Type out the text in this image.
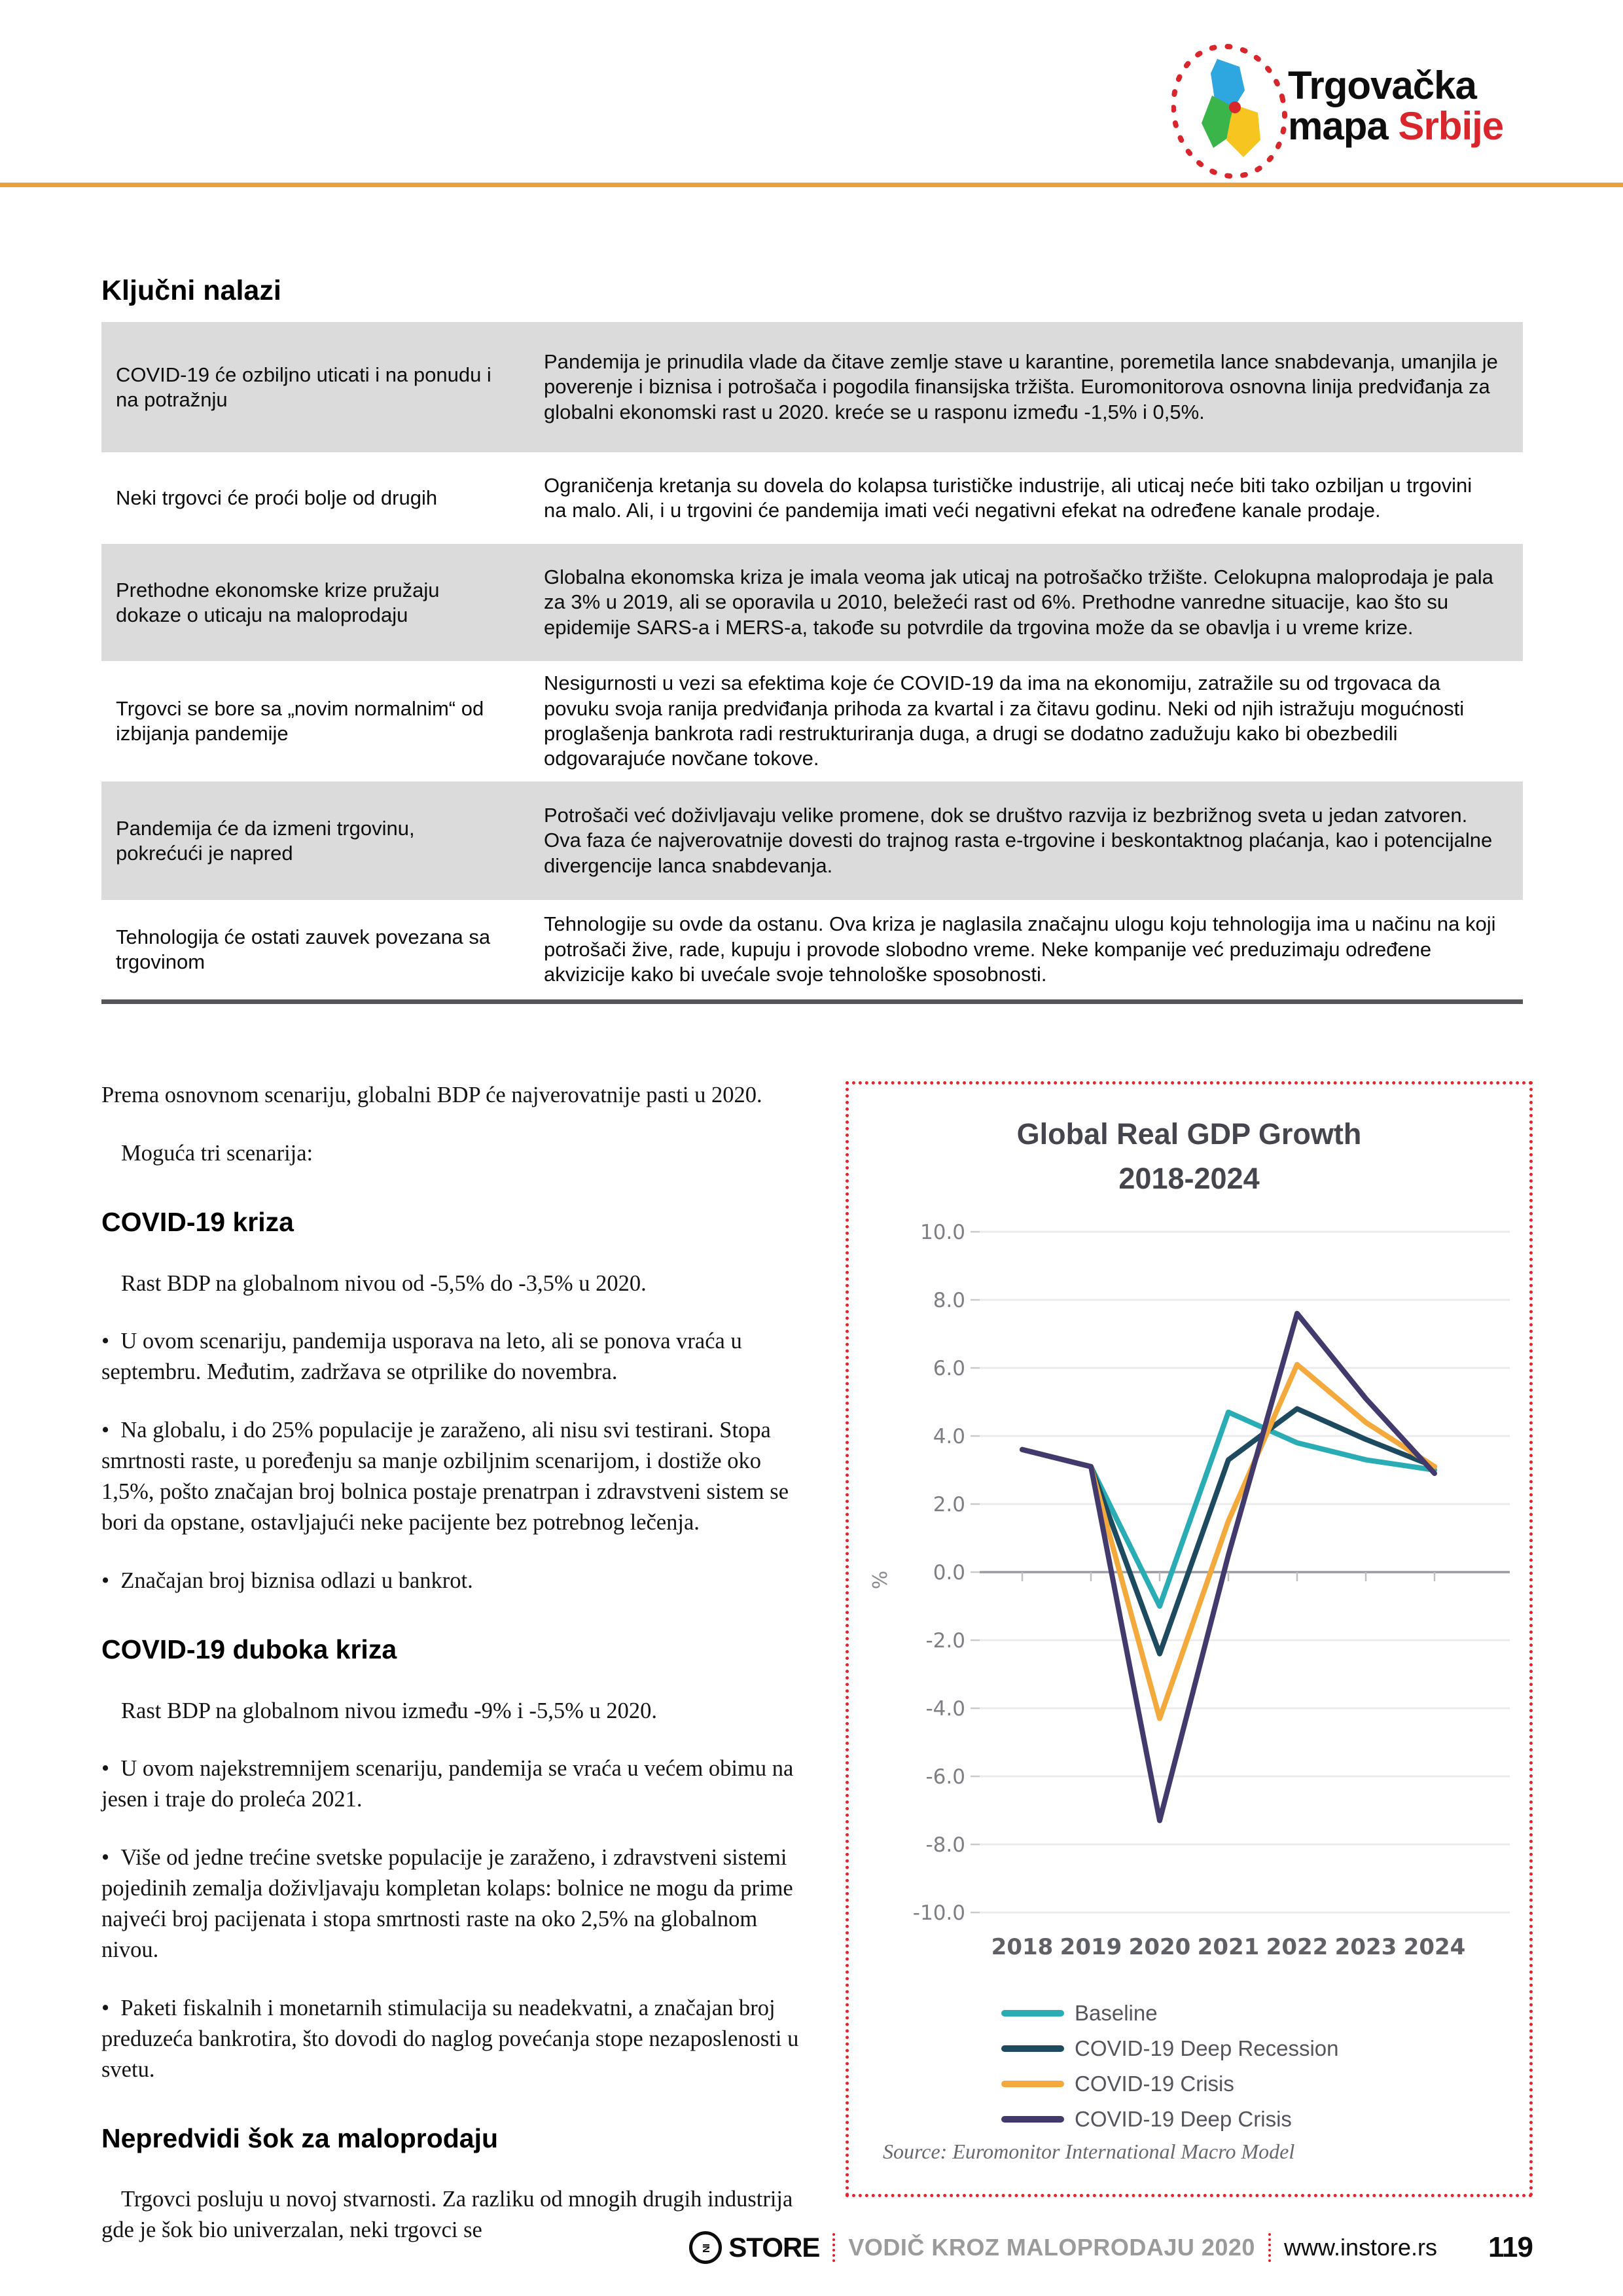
Trgovačka
mapa Srbije
Ključni nalazi
COVID-19 će ozbiljno uticati i na ponudu i na potražnju
Pandemija je prinudila vlade da čitave zemlje stave u karantine, poremetila lance snabdevanja, umanjila je poverenje i biznisa i potrošača i pogodila finansijska tržišta. Euromonitorova osnovna linija predviđanja za globalni ekonomski rast u 2020. kreće se u rasponu između -1,5% i 0,5%.
Neki trgovci će proći bolje od drugih
Ograničenja kretanja su dovela do kolapsa turističke industrije, ali uticaj neće biti tako ozbiljan u trgovini na malo. Ali, i u trgovini će pandemija imati veći negativni efekat na određene kanale prodaje.
Prethodne ekonomske krize pružaju dokaze o uticaju na maloprodaju
Globalna ekonomska kriza je imala veoma jak uticaj na potrošačko tržište. Celokupna maloprodaja je pala za 3% u 2019, ali se oporavila u 2010, beležeći rast od 6%. Prethodne vanredne situacije, kao što su epidemije SARS-a i MERS-a, takođe su potvrdile da trgovina može da se obavlja i u vreme krize.
Trgovci se bore sa „novim normalnim“ od izbijanja pandemije
Nesigurnosti u vezi sa efektima koje će COVID-19 da ima na ekonomiju, zatražile su od trgovaca da povuku svoja ranija predviđanja prihoda za kvartal i za čitavu godinu. Neki od njih istražuju mogućnosti proglašenja bankrota radi restrukturiranja duga, a drugi se dodatno zadužuju kako bi obezbedili odgovarajuće novčane tokove.
Pandemija će da izmeni trgovinu, pokrećući je napred
Potrošači već doživljavaju velike promene, dok se društvo razvija iz bezbrižnog sveta u jedan zatvoren. Ova faza će najverovatnije dovesti do trajnog rasta e-trgovine i beskontaktnog plaćanja, kao i potencijalne divergencije lanca snabdevanja.
Tehnologija će ostati zauvek povezana sa trgovinom
Tehnologije su ovde da ostanu. Ova kriza je naglasila značajnu ulogu koju tehnologija ima u načinu na koji potrošači žive, rade, kupuju i provode slobodno vreme. Neke kompanije već preduzimaju određene akvizicije kako bi uvećale svoje tehnološke sposobnosti.
Prema osnovnom scenariju, globalni BDP će najverovatnije pasti u 2020.
Moguća tri scenarija:
COVID-19 kriza
Rast BDP na globalnom nivou od -5,5% do -3,5% u 2020.
•  U ovom scenariju, pandemija usporava na leto, ali se ponova vraća u septembru. Međutim, zadržava se otprilike do novembra.
•  Na globalu, i do 25% populacije je zaraženo, ali nisu svi testirani. Stopa smrtnosti raste, u poređenju sa manje ozbiljnim scenarijom, i dostiže oko 1,5%, pošto značajan broj bolnica postaje prenatrpan i zdravstveni sistem se bori da opstane, ostavljajući neke pacijente bez potrebnog lečenja.
•  Značajan broj biznisa odlazi u bankrot.
COVID-19 duboka kriza
Rast BDP na globalnom nivou između -9% i -5,5% u 2020.
•  U ovom najekstremnijem scenariju, pandemija se vraća u većem obimu na jesen i traje do proleća 2021.
•  Više od jedne trećine svetske populacije je zaraženo, i zdravstveni sistemi pojedinih zemalja doživljavaju kompletan kolaps: bolnice ne mogu da prime najveći broj pacijenata i stopa smrtnosti raste na oko 2,5% na globalnom nivou.
•  Paketi fiskalnih i monetarnih stimulacija su neadekvatni, a značajan broj preduzeća bankrotira, što dovodi do naglog povećanja stope nezaposlenosti u svetu.
Nepredvidi šok za maloprodaju
Trgovci posluju u novoj stvarnosti. Za razliku od mnogih drugih industrija gde je šok bio univerzalan, neki trgovci se
Global Real GDP Growth
2018-2024
-10.0
-8.0
-6.0
-4.0
-2.0
0.0
2.0
4.0
6.0
8.0
10.0
2018 2019 2020 2021 2022 2023 2024
%
Baseline
COVID-19 Deep Recession
COVID-19 Crisis
COVID-19 Deep Crisis
Source: Euromonitor International Macro Model
IN STORE VODIČ KROZ MALOPRODAJU 2020 www.instore.rs 119
